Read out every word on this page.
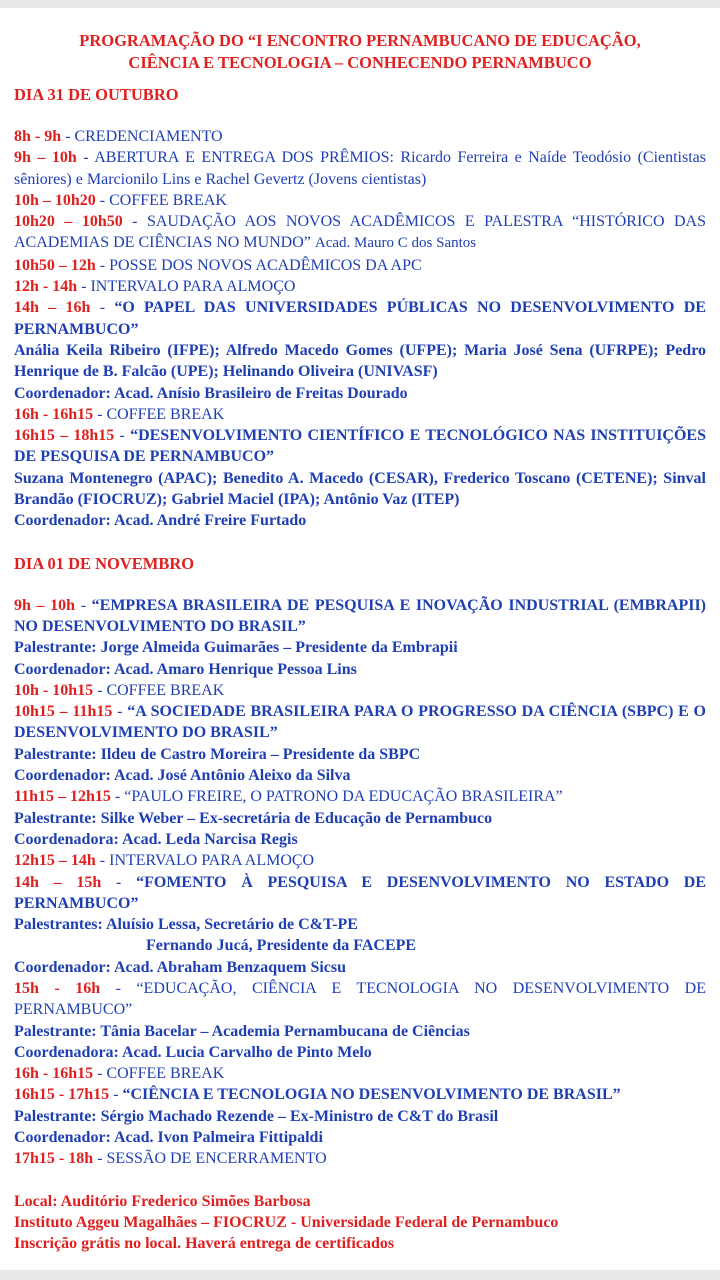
PROGRAMAÇÃO DO “I ENCONTRO PERNAMBUCANO DE EDUCAÇÃO,
CIÊNCIA E TECNOLOGIA – CONHECENDO PERNAMBUCO
DIA 31 DE OUTUBRO
8h - 9h - CREDENCIAMENTO
9h – 10h - ABERTURA E ENTREGA DOS PRÊMIOS: Ricardo Ferreira e Naíde Teodósio (Cientistas sêniores) e Marcionilo Lins e Rachel Gevertz (Jovens cientistas)
10h – 10h20 - COFFEE BREAK
10h20 – 10h50 - SAUDAÇÃO AOS NOVOS ACADÊMICOS E PALESTRA “HISTÓRICO DAS ACADEMIAS DE CIÊNCIAS NO MUNDO” Acad. Mauro C dos Santos
10h50 – 12h - POSSE DOS NOVOS ACADÊMICOS DA APC
12h - 14h - INTERVALO PARA ALMOÇO
14h – 16h - “O PAPEL DAS UNIVERSIDADES PÚBLICAS NO DESENVOLVIMENTO DE PERNAMBUCO”
Anália Keila Ribeiro (IFPE); Alfredo Macedo Gomes (UFPE); Maria José Sena (UFRPE); Pedro Henrique de B. Falcão (UPE); Helinando Oliveira (UNIVASF)
Coordenador: Acad. Anísio Brasileiro de Freitas Dourado
16h - 16h15 - COFFEE BREAK
16h15 – 18h15 - “DESENVOLVIMENTO CIENTÍFICO E TECNOLÓGICO NAS INSTITUIÇÕES DE PESQUISA DE PERNAMBUCO”
Suzana Montenegro (APAC); Benedito A. Macedo (CESAR), Frederico Toscano (CETENE); Sinval Brandão (FIOCRUZ); Gabriel Maciel (IPA); Antônio Vaz (ITEP)
Coordenador: Acad. André Freire Furtado
DIA 01 DE NOVEMBRO
9h – 10h - “EMPRESA BRASILEIRA DE PESQUISA E INOVAÇÃO INDUSTRIAL (EMBRAPII) NO DESENVOLVIMENTO DO BRASIL”
Palestrante: Jorge Almeida Guimarães – Presidente da Embrapii
Coordenador: Acad. Amaro Henrique Pessoa Lins
10h - 10h15 - COFFEE BREAK
10h15 – 11h15 - “A SOCIEDADE BRASILEIRA PARA O PROGRESSO DA CIÊNCIA (SBPC) E O DESENVOLVIMENTO DO BRASIL”
Palestrante: Ildeu de Castro Moreira – Presidente da SBPC
Coordenador: Acad. José Antônio Aleixo da Silva
11h15 – 12h15 - “PAULO FREIRE, O PATRONO DA EDUCAÇÃO BRASILEIRA”
Palestrante: Silke Weber – Ex-secretária de Educação de Pernambuco
Coordenadora: Acad. Leda Narcisa Regis
12h15 – 14h - INTERVALO PARA ALMOÇO
14h – 15h - “FOMENTO À PESQUISA E DESENVOLVIMENTO NO ESTADO DE PERNAMBUCO”
Palestrantes: Aluísio Lessa, Secretário de C&T-PE
Fernando Jucá, Presidente da FACEPE
Coordenador: Acad. Abraham Benzaquem Sicsu
15h - 16h - “EDUCAÇÃO, CIÊNCIA E TECNOLOGIA NO DESENVOLVIMENTO DE PERNAMBUCO”
Palestrante: Tânia Bacelar – Academia Pernambucana de Ciências
Coordenadora: Acad. Lucia Carvalho de Pinto Melo
16h - 16h15 - COFFEE BREAK
16h15 - 17h15 - “CIÊNCIA E TECNOLOGIA NO DESENVOLVIMENTO DE BRASIL”
Palestrante: Sérgio Machado Rezende – Ex-Ministro de C&T do Brasil
Coordenador: Acad. Ivon Palmeira Fittipaldi
17h15 - 18h - SESSÃO DE ENCERRAMENTO
Local: Auditório Frederico Simões Barbosa
Instituto Aggeu Magalhães – FIOCRUZ - Universidade Federal de Pernambuco
Inscrição grátis no local. Haverá entrega de certificados
